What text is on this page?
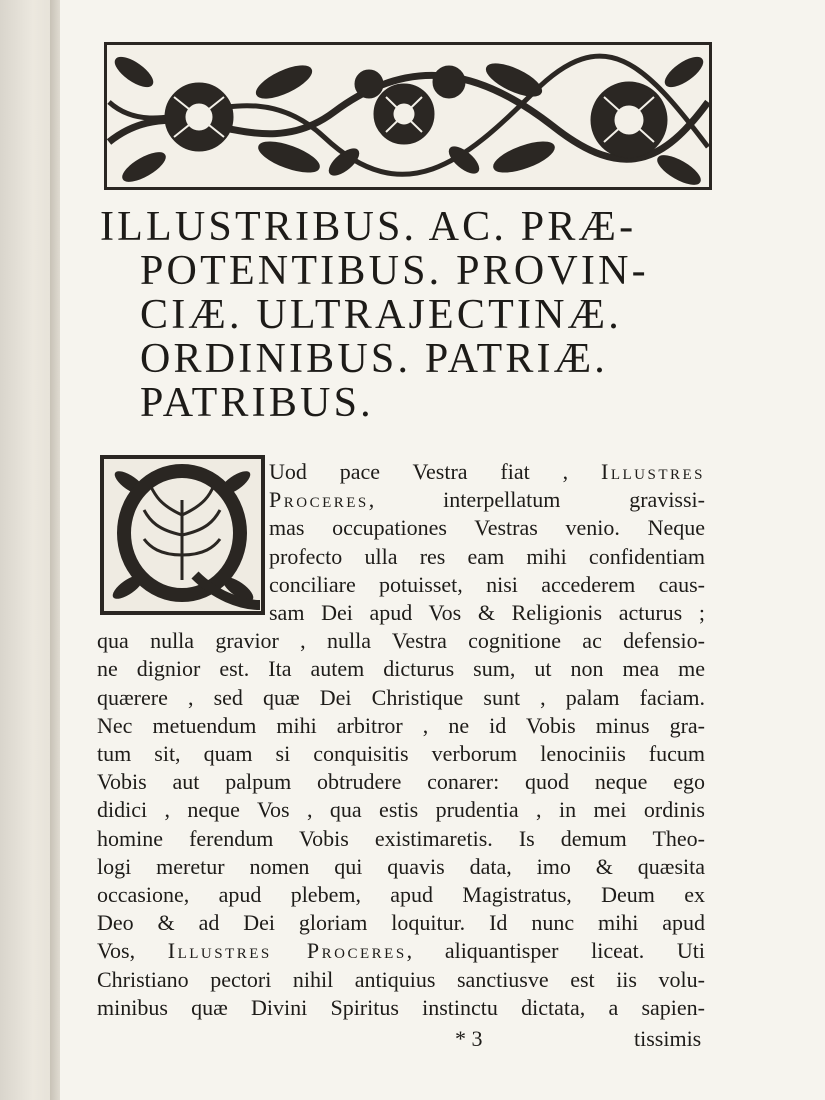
ILLUSTRIBUS. AC. PRÆ-
POTENTIBUS. PROVIN-
CIÆ. ULTRAJECTINÆ.
ORDINIBUS. PATRIÆ.
PATRIBUS.
Uod pace Vestra fiat , Illustres
Proceres, interpellatum gravissi-
mas occupationes Vestras venio. Neque
profecto ulla res eam mihi confidentiam
conciliare potuisset, nisi accederem caus-
sam Dei apud Vos & Religionis acturus ;
qua nulla gravior , nulla Vestra cognitione ac defensio-
ne dignior est. Ita autem dicturus sum, ut non mea me
quærere , sed quæ Dei Christique sunt , palam faciam.
Nec metuendum mihi arbitror , ne id Vobis minus gra-
tum sit, quam si conquisitis verborum lenociniis fucum
Vobis aut palpum obtrudere conarer: quod neque ego
didici , neque Vos , qua estis prudentia , in mei ordinis
homine ferendum Vobis existimaretis. Is demum Theo-
logi meretur nomen qui quavis data, imo & quæsita
occasione, apud plebem, apud Magistratus, Deum ex
Deo & ad Dei gloriam loquitur. Id nunc mihi apud
Vos, Illustres Proceres, aliquantisper liceat. Uti
Christiano pectori nihil antiquius sanctiusve est iis volu-
minibus quæ Divini Spiritus instinctu dictata, a sapien-
* 3	tissimis
